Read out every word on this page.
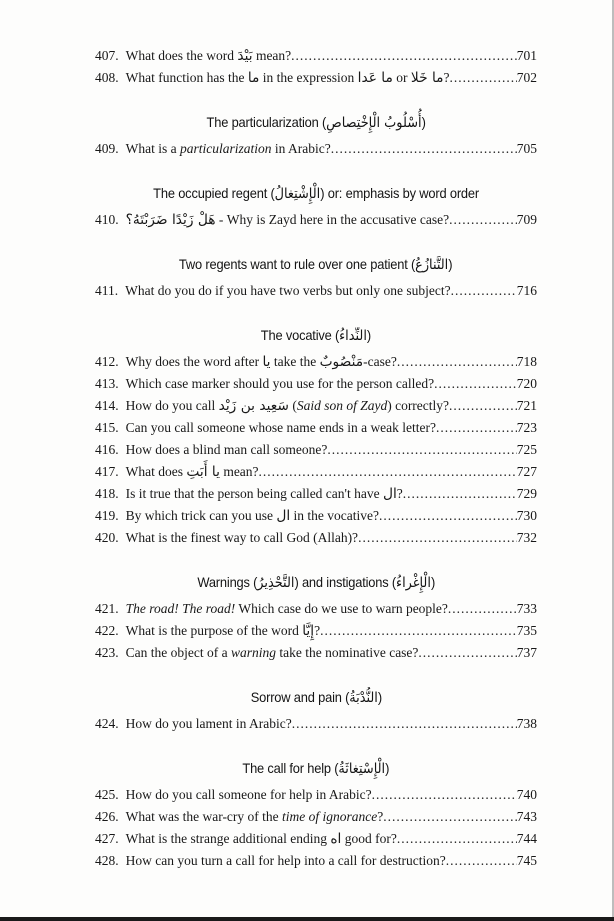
407. What does the word بَيْدَ mean? .....	701
408. What function has the ما in the expression ما عَدا or ما خَلا? .....	702
The particularization (أُسْلُوبُ الْإِخْتِصاصِ)
409. What is a particularization in Arabic? .....	705
The occupied regent (الْإِشْتِغالُ) or: emphasis by word order
410. هَلْ زَيْدًا ضَرَبْتَهُ؟ - Why is Zayd here in the accusative case? .....	709
Two regents want to rule over one patient (التَّنازُعُ)
411. What do you do if you have two verbs but only one subject? .....	716
The vocative (النِّداءُ)
412. Why does the word after يا take the مَنْصُوبٌ-case? .....	718
413. Which case marker should you use for the person called? .....	720
414. How do you call سَعِيد بن زَيْد (Said son of Zayd) correctly? .....	721
415. Can you call someone whose name ends in a weak letter? .....	723
416. How does a blind man call someone? .....	725
417. What does يا أَبَتِ mean? .....	727
418. Is it true that the person being called can't have ال? .....	729
419. By which trick can you use ال in the vocative? .....	730
420. What is the finest way to call God (Allah)? .....	732
Warnings (التَّحْذِيرُ) and instigations (الْإِغْراءُ)
421. The road! The road! Which case do we use to warn people? .....	733
422. What is the purpose of the word إِيَّا? .....	735
423. Can the object of a warning take the nominative case? .....	737
Sorrow and pain (النُّدْبَةُ)
424. How do you lament in Arabic? .....	738
The call for help (الْإِسْتِغاثَةُ)
425. How do you call someone for help in Arabic? .....	740
426. What was the war-cry of the time of ignorance? .....	743
427. What is the strange additional ending اه good for? .....	744
428. How can you turn a call for help into a call for destruction? .....	745
